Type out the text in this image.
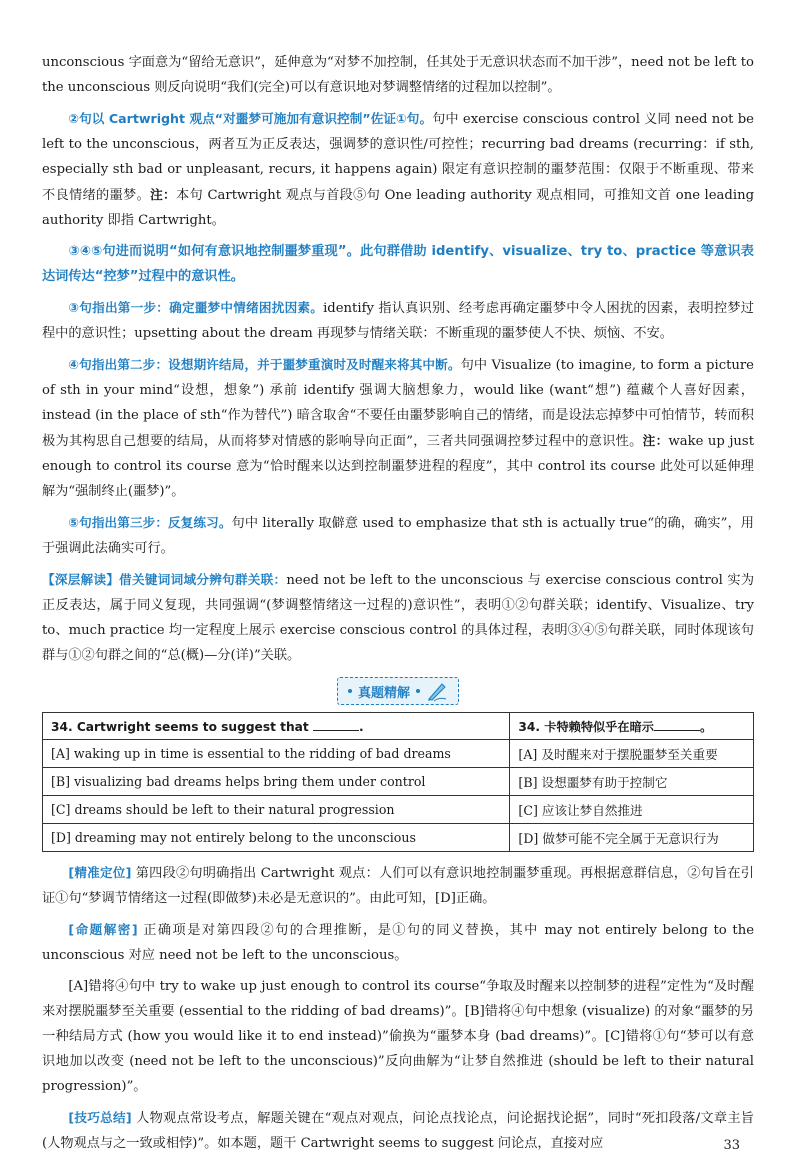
unconscious 字面意为“留给无意识”，延伸意为“对梦不加控制，任其处于无意识状态而不加干涉”，need not be left to the unconscious 则反向说明“我们(完全)可以有意识地对梦调整情绪的过程加以控制”。

②句以 Cartwright 观点“对噩梦可施加有意识控制”佐证①句。句中 exercise conscious control 义同 need not be left to the unconscious，两者互为正反表达，强调梦的意识性/可控性；recurring bad dreams (recurring：if sth, especially sth bad or unpleasant, recurs, it happens again) 限定有意识控制的噩梦范围：仅限于不断重现、带来不良情绪的噩梦。注：本句 Cartwright 观点与首段⑤句 One leading authority 观点相同，可推知文首 one leading authority 即指 Cartwright。

③④⑤句进而说明“如何有意识地控制噩梦重现”。此句群借助 identify、visualize、try to、practice 等意识表达词传达“控梦”过程中的意识性。

③句指出第一步：确定噩梦中情绪困扰因素。identify 指认真识别、经考虑再确定噩梦中令人困扰的因素，表明控梦过程中的意识性；upsetting about the dream 再现梦与情绪关联：不断重现的噩梦使人不快、烦恼、不安。

④句指出第二步：设想期许结局，并于噩梦重演时及时醒来将其中断。句中 Visualize (to imagine, to form a picture of sth in your mind“设想，想象”) 承前 identify 强调大脑想象力，would like (want“想”) 蕴藏个人喜好因素，instead (in the place of sth“作为替代”) 暗含取舍“不要任由噩梦影响自己的情绪，而是设法忘掉梦中可怕情节，转而积极为其构思自己想要的结局，从而将梦对情感的影响导向正面”，三者共同强调控梦过程中的意识性。注：wake up just enough to control its course 意为“恰时醒来以达到控制噩梦进程的程度”，其中 control its course 此处可以延伸理解为“强制终止(噩梦)”。

⑤句指出第三步：反复练习。句中 literally 取僻意 used to emphasize that sth is actually true“的确，确实”，用于强调此法确实可行。

【深层解读】借关键词词域分辨句群关联：need not be left to the unconscious 与 exercise conscious control 实为正反表达，属于同义复现，共同强调“(梦调整情绪这一过程的)意识性”，表明①②句群关联；identify、Visualize、try to、much practice 均一定程度上展示 exercise conscious control 的具体过程，表明③④⑤句群关联，同时体现该句群与①②句群之间的“总(概)—分(详)”关联。

真题精解
34. Cartwright seems to suggest that .	34. 卡特赖特似乎在暗示 。
[A] waking up in time is essential to the ridding of bad dreams	[A] 及时醒来对于摆脱噩梦至关重要
[B] visualizing bad dreams helps bring them under control	[B] 设想噩梦有助于控制它
[C] dreams should be left to their natural progression	[C] 应该让梦自然推进
[D] dreaming may not entirely belong to the unconscious	[D] 做梦可能不完全属于无意识行为

[精准定位] 第四段②句明确指出 Cartwright 观点：人们可以有意识地控制噩梦重现。再根据意群信息，②句旨在引证①句“梦调节情绪这一过程(即做梦)未必是无意识的”。由此可知，[D]正确。

[命题解密] 正确项是对第四段②句的合理推断，是①句的同义替换，其中 may not entirely belong to the unconscious 对应 need not be left to the unconscious。

[A]错将④句中 try to wake up just enough to control its course“争取及时醒来以控制梦的进程”定性为“及时醒来对摆脱噩梦至关重要 (essential to the ridding of bad dreams)”。[B]错将④句中想象 (visualize) 的对象“噩梦的另一种结局方式 (how you would like it to end instead)”偷换为“噩梦本身 (bad dreams)”。[C]错将①句“梦可以有意识地加以改变 (need not be left to the unconscious)”反向曲解为“让梦自然推进 (should be left to their natural progression)”。

[技巧总结] 人物观点常设考点，解题关键在“观点对观点，问论点找论点，问论据找论据”，同时“死扣段落/文章主旨(人物观点与之一致或相悖)”。如本题，题干 Cartwright seems to suggest 问论点，直接对应	33
